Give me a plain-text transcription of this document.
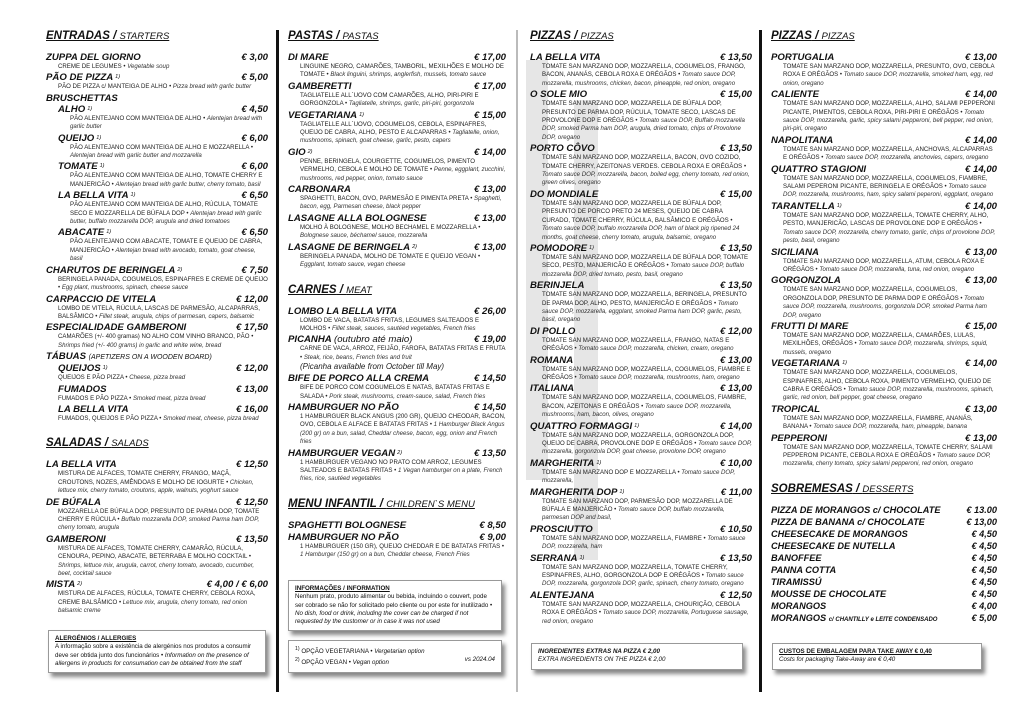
ENTRADAS / STARTERS
ZUPPA DEL GIORNO	€ 3,00
CREME DE LEGUMES • Vegetable soup
PÃO DE PIZZA $^{1)}$	€ 5,00
PÃO DE PIZZA c/ MANTEIGA DE ALHO • Pizza bread with garlic butter
BRUSCHETTAS
ALHO $^{1)}$	€ 4,50
PÃO ALENTEJANO COM MANTEIGA DE ALHO • Alentejan bread with garlic butter
QUEIJO $^{1)}$	€ 6,00
PÃO ALENTEJANO COM MANTEIGA DE ALHO E MOZZARELLA • Alentejan bread with garlic butter and mozzarella
TOMATE $^{1)}$	€ 6,00
PÃO ALENTEJANO COM MANTEIGA DE ALHO, TOMATE CHERRY E MANJERICÃO • Alentejan bread with garlic butter, cherry tomato, basil
LA BELLA VITA $^{1)}$	€ 6,50
PÃO ALENTEJANO COM MANTEIGA DE ALHO, RÚCULA, TOMATE SECO E MOZZARELLA DE BÚFALA DOP • Alentejan bread with garlic butter, buffalo mozzarella DOP, arugula and dried tomatoes
ABACATE $^{1)}$	€ 6,50
PÃO ALENTEJANO COM ABACATE, TOMATE E QUEIJO DE CABRA, MANJERICÃO • Alentejan bread with avocado, tomato, goat cheese, basil
CHARUTOS DE BERINGELA $^{2)}$	€ 7,50
BERINGELA PANADA, COGUMELOS, ESPINAFRES E CREME DE QUEIJO • Egg plant, mushrooms, spinach, cheese sauce
CARPACCIO DE VITELA	€ 12,00
LOMBO DE VITELA, RÚCULA, LASCAS DE PARMESÃO, ALCAPARRAS, BALSÂMICO • Fillet steak, arugula, chips of parmesan, capers, balsamic
ESPECIALIDADE GAMBERONI	€ 17,50
CAMARÕES (+/- 400 gramas) NO ALHO COM VINHO BRANCO, PÃO • Shrimps fried (+/- 400 grams) in garlic and white wine, bread
TÁBUAS (APETIZERS ON A WOODEN BOARD)
QUEIJOS $^{1)}$	€ 12,00
QUEIJOS E PÃO PIZZA • Cheese, pizza bread
FUMADOS	€ 13,00
FUMADOS E PÃO PIZZA • Smoked meat, pizza bread
LA BELLA VITA	€ 16,00
FUMADOS, QUEIJOS E PÃO PIZZA • Smoked meat, cheese, pizza bread
SALADAS / SALADS
LA BELLA VITA	€ 12,50
MISTURA DE ALFACES, TOMATE CHERRY, FRANGO, MAÇÃ, CROUTONS, NOZES, AMÊNDOAS E MOLHO DE IOGURTE • Chicken, lettuce mix, cherry tomato, croutons, apple, walnuts, yoghurt sauce
DE BÚFALA	€ 12,50
MOZZARELLA DE BÚFALA DOP, PRESUNTO DE PARMA DOP, TOMATE CHERRY E RÚCULA • Buffalo mozzarella DOP, smoked Parma ham DOP, cherry tomato, arugula
GAMBERONI	€ 13,50
MISTURA DE ALFACES, TOMATE CHERRY, CAMARÃO, RÚCULA, CENOURA, PEPINO, ABACATE, BETERRABA E MOLHO COCKTAIL • Shrimps, lettuce mix, arugula, carrot, cherry tomato, avocado, cucumber, beet, cocktail sauce
MISTA $^{2)}$	€ 4,00 / € 6,00
MISTURA DE ALFACES, RÚCULA, TOMATE CHERRY, CEBOLA ROXA, CREME BALSÂMICO • Lettuce mix, arugula, cherry tomato, red onion balsamic creme
PASTAS / PASTAS
DI MARE	€ 17,00
LINGUINE NEGRO, CAMARÕES, TAMBORIL, MEXILHÕES E MOLHO DE TOMATE • Black linguini, shrimps, anglerfish, mussels, tomato sauce
GAMBERETTI	€ 17,00
TAGLIATELLE ALL`UOVO COM CAMARÕES, ALHO, PIRI-PIRI E GORGONZOLA • Tagliatelle, shrimps, garlic, piri-piri, gorgonzola
VEGETARIANA $^{1)}$	€ 15,00
TAGLIATELLE ALL`UOVO, COGUMELOS, CEBOLA, ESPINAFRES, QUEIJO DE CABRA, ALHO, PESTO E ALCAPARRAS • Tagliatelle, onion, mushrooms, spinach, goat cheese, garlic, pesto, capers
GIO $^{2)}$	€ 14,00
PENNE, BERINGELA, COURGETTE, COGUMELOS, PIMENTO VERMELHO, CEBOLA E MOLHO DE TOMATE • Penne, eggplant, zucchini, mushrooms, red pepper, onion, tomato sauce
CARBONARA	€ 13,00
SPAGHETTI, BACON, OVO, PARMESÃO E PIMENTA PRETA • Spaghetti, bacon, egg, Parmesan cheese, black pepper
LASAGNE ALLA BOLOGNESE	€ 13,00
MOLHO À BOLOGNESE, MOLHO BECHAMEL E MOZZARELLA • Bolognese sauce, béchamel sauce, mozzarella
LASAGNE DE BERINGELA $^{2)}$	€ 13,00
BERINGELA PANADA, MOLHO DE TOMATE E QUEIJO VEGAN • Eggplant, tomato sauce, vegan cheese
CARNES / MEAT
LOMBO LA BELLA VITA	€ 26,00
LOMBO DE VACA, BATATAS FRITAS, LEGUMES SALTEADOS E MOLHOS • Fillet steak, sauces, sautéed vegetables, French fries
PICANHA (outubro até maio)	€ 19,00
CARNE DE VACA, ARROZ, FEIJÃO, FAROFA, BATATAS FRITAS E FRUTA • Steak, rice, beans, French fries and fruit
(Picanha available from October till May)
BIFE DE PORCO ALLA CREMA	€ 14,50
BIFE DE PORCO COM COGUMELOS E NATAS, BATATAS FRITAS E SALADA • Pork steak, mushrooms, cream-sauce, salad, French fries
HAMBURGUER NO PÃO	€ 14,50
1 HAMBURGUER BLACK ANGUS (200 GR), QUEIJO CHEODAR, BACON, OVO, CEBOLA E ALFACE E BATATAS FRITAS • 1 Hamburger Black Angus (200 gr) on a bun, salad, Cheddar cheese, bacon, egg, onion and French fries
HAMBURGUER VEGAN $^{2)}$	€ 13,50
1 HAMBURGUER VEGANO NO PRATO COM ARROZ, LEGUMES SALTEADOS E BATATAS FRITAS • 1 Vegan hamburger on a plate, French fries, rice, sautéed vegetables
MENU INFANTIL / CHILDREN`S MENU
SPAGHETTI BOLOGNESE	€ 8,50
HAMBURGUER NO PÃO	€ 9,00
1 HAMBURGUER (150 GR), QUEIJO CHEDDAR E DE BATATAS FRITAS • 1 Hamburger (150 gr) on a bun, Cheddar cheese, French Fries
PIZZAS / PIZZAS
LA BELLA VITA	€ 13,50
TOMATE SAN MARZANO DOP, MOZZARELLA, COGUMELOS, FRANGO, BACON, ANANÁS, CEBOLA ROXA E ORÉGÃOS • Tomato sauce DOP, mozzarella, mushrooms, chicken, bacon, pineapple, red onion, oregano
O SOLE MIO	€ 15,00
TOMATE SAN MARZANO DOP, MOZZARELLA DE BÚFALA DOP, PRESUNTO DE PARMA DOP, RÚCULA, TOMATE SECO, LASCAS DE PROVOLONE DOP E ORÉGÃOS • Tomato sauce DOP, Buffalo mozzarella DOP, smoked Parma ham DOP, arugula, dried tomato, chips of Provolone DOP, oregano
PORTO CÔVO	€ 13,50
TOMATE SAN MARZANO DOP, MOZZARELLA, BACON, OVO COZIDO, TOMATE CHERRY, AZEITONAS VERDES. CEBOLA ROXA E ORÉGÃOS • Tomato sauce DOP, mozzarella, bacon, boiled egg, cherry tomato, red onion, green olives, oregano
DO MONDIALE	€ 15,00
TOMATE SAN MARZANO DOP, MOZZARELLA DE BÚFALA DOP, PRESUNTO DE PORCO PRETO 24 MESES, QUEIJO DE CABRA CURADO, TOMATE CHERRY, RÚCULA, BALSÂMICO E ORÉGÃOS • Tomato sauce DOP, buffalo mozzarella DOP, ham of black pig ripened 24 months, goat cheese, cherry tomato, arugula, balsamic, oregano
POMODORE $^{1)}$	€ 13,50
TOMATE SAN MARZANO DOP, MOZZARELLA DE BÚFALA DOP, TOMATE SECO, PESTO, MANJERICÃO E ORÉGÃOS • Tomato sauce DOP, buffalo mozzarella DOP, dried tomato, pesto, basil, oregano
BERINJELA	€ 13,50
TOMATE SAN MARZANO DOP, MOZZARELLA, BERINGELA, PRESUNTO DE PARMA DOP, ALHO, PESTO, MANJERICÃO E ORÉGÃOS • Tomato sauce DOP, mozzarella, eggplant, smoked Parma ham DOP, garlic, pesto, basil, oregano
DI POLLO	€ 12,00
TOMATE SAN MARZANO DOP, MOZZARELLA, FRANGO, NATAS E ORÉGÃOS • Tomato sauce DOP, mozzarella, chicken, cream, oregano
ROMANA	€ 13,00
TOMATE SAN MARZANO DOP, MOZZARELLA, COGUMELOS, FIAMBRE E ORÉGÃOS • Tomato sauce DOP, mozzarella, mushrooms, ham, oregano
ITALIANA	€ 13,00
TOMATE SAN MARZANO DOP, MOZZARELLA, COGUMELOS, FIAMBRE, BACON, AZEITONAS E ORÉGÃOS • Tomato sauce DOP, mozzarella, mushrooms, ham, bacon, olives, oregano
QUATTRO FORMAGGI $^{1)}$	€ 14,00
TOMATE SAN MARZANO DOP, MOZZARELLA, GORGONZOLA DOP, QUEIJO DE CABRA, PROVOLONE DOP E ORÉGÃOS • Tomato sauce DOP, mozzarella, gorgonzola DOP, goat cheese, provolone DOP, oregano
MARGHERITA $^{1)}$	€ 10,00
TOMATE SAN MARZANO DOP E MOZZARELLA • Tomato sauce DOP, mozzarella,
MARGHERITA DOP $^{1)}$	€ 11,00
TOMATE SAN MARZANO DOP, PARMESÃO DOP, MOZZARELLA DE BÚFALA E MANJERICÃO • Tomato sauce DOP, buffalo mozzarella, parmesan DOP and basil,
PROSCIUTTO	€ 10,50
TOMATE SAN MARZANO DOP, MOZZARELLA, FIAMBRE • Tomato sauce DOP, mozzarella, ham
SERRANA $^{1)}$	€ 13,50
TOMATE SAN MARZANO DOP, MOZZARELLA, TOMATE CHERRY, ESPINAFRES, ALHO, GORGONZOLA DOP E ORÉGÃOS • Tomato sauce DOP, mozzarella, gorgonzola DOP, garlic, spinach, cherry tomato, oregano
ALENTEJANA	€ 12,50
TOMATE SAN MARZANO DOP, MOZZARELLA, CHOURIÇÃO, CEBOLA ROXA E ORÉGÃOS • Tomato sauce DOP, mozzarella, Portuguese sausage, red onion, oregano
PIZZAS / PIZZAS
PORTUGALIA	€ 13,00
TOMATE SAN MARZANO DOP, MOZZARELLA, PRESUNTO, OVO, CEBOLA ROXA E ORÉGÃOS • Tomato sauce DOP, mozzarella, smoked ham, egg, red onion, oregano
CALIENTE	€ 14,00
TOMATE SAN MARZANO DOP, MOZZARELLA, ALHO, SALAMI PEPPERONI PICANTE, PIMENTOS, CEBOLA ROXA, PIRI-PIRI E ORÉGÃOS • Tomato sauce DOP, mozzarella, garlic, spicy salami pepperoni, bell pepper, red onion, piri-piri, oregano
NAPOLITANA	€ 14,00
TOMATE SAN MARZANO DOP, MOZZARELLA, ANCHOVAS, ALCAPARRAS E ORÉGÃOS • Tomato sauce DOP, mozzarella, anchovies, capers, oregano
QUATTRO STAGIONI	€ 14,00
TOMATE SAN MARZANO DOP, MOZZARELLA, COGUMELOS, FIAMBRE, SALAMI PEPERONI PICANTE, BERINGELA E ORÉGÃOS • Tomato sauce DOP, mozzarella, mushrooms, ham, spicy salami peperoni, eggplant, oregano
TARANTELLA $^{1)}$	€ 14,00
TOMATE SAN MARZANO DOP, MOZZARELLA, TOMATE CHERRY, ALHO, PESTO, MANJERICÃO, LASCAS DE PROVOLONE DOP E ORÉGÃOS • Tomato sauce DOP, mozzarella, cherry tomato, garlic, chips of provolone DOP, pesto, basil, oregano
SICILIANA	€ 13,00
TOMATE SAN MARZANO DOP, MOZZARELLA, ATUM, CEBOLA ROXA E ORÉGÃOS • Tomato sauce DOP, mozzarella, tuna, red onion, oregano
GORGONZOLA	€ 13,00
TOMATE SAN MARZANO DOP, MOZZARELLA, COGUMELOS, ORGONZOLA DOP, PRESUNTO DE PARMA DOP E ORÉGÃOS • Tomato sauce DOP, mozzarella, mushrooms, gorgonzola DOP, smoked Parma ham DOP, oregano
FRUTTI DI MARE	€ 15,00
TOMATE SAN MARZANO DOP, MOZZARELLA, CAMARÕES, LULAS, MEXILHÕES, ORÉGÃOS • Tomato sauce DOP, mozzarella, shrimps, squid, mussels, oregano
VEGETARIANA $^{1)}$	€ 14,00
TOMATE SAN MARZANO DOP, MOZZARELLA, COGUMELOS, ESPINAFRES, ALHO, CEBOLA ROXA, PIMENTO VERMELHO, QUEIJO DE CABRA E ORÉGÃOS • Tomato sauce DOP, mozzarella, mushrooms, spinach, garlic, red onion, bell pepper, goat cheese, oregano
TROPICAL	€ 13,00
TOMATE SAN MARZANO DOP, MOZZARELLA, FIAMBRE, ANANÁS, BANANA • Tomato sauce DOP, mozzarella, ham, pineapple, banana
PEPPERONI	€ 13,00
TOMATE SAN MARZANO DOP, MOZZARELLA, TOMATE CHERRY, SALAMI PEPPERONI PICANTE, CEBOLA ROXA E ORÉGÃOS • Tomato sauce DOP, mozzarella, cherry tomato, spicy salami pepperoni, red onion, oregano
SOBREMESAS / DESSERTS
PIZZA DE MORANGOS c/ CHOCOLATE	€ 13.00
PIZZA DE BANANA c/ CHOCOLATE	€ 13,00
CHEESECAKE DE MORANGOS	€ 4,50
CHEESECAKE DE NUTELLA	€ 4,50
BANOFFEE	€ 4,50
PANNA COTTA	€ 4,50
TIRAMISSÚ	€ 4,50
MOUSSE DE CHOCOLATE	€ 4,50
MORANGOS	€ 4,00
MORANGOS c/ CHANTILLY e LEITE CONDENSADO	€ 5,00
ALERGÉNIOS / ALLERGIES
A informação sobre a existência de alergénios nos produtos a consumir deve ser obtida junto dos funcionários • Information on the presence of allergens in products for consumation can be obtained from the staff
INFORMAÇÕES / INFORMATION
Nenhum prato, produto alimentar ou bebida, incluindo o couvert, pode ser cobrado se não for solicitado pelo cliente ou por este for inutilizado • No dish, food or drink, including the cover can be charged if not requested by the customer or in case it was not used
$^{1)}$ OPÇÃO VEGETARIANA • Vergetarian option
$^{2)}$ OPÇÃO VEGAN • Vegan option	vs 2024.04
INGREDIENTES EXTRAS NA PIZZA € 2,00
EXTRA INGREDIENTS ON THE PIZZA € 2,00
CUSTOS DE EMBALAGEM PARA TAKE AWAY € 0,40
Costs for packaging Take-Away are € 0,40
